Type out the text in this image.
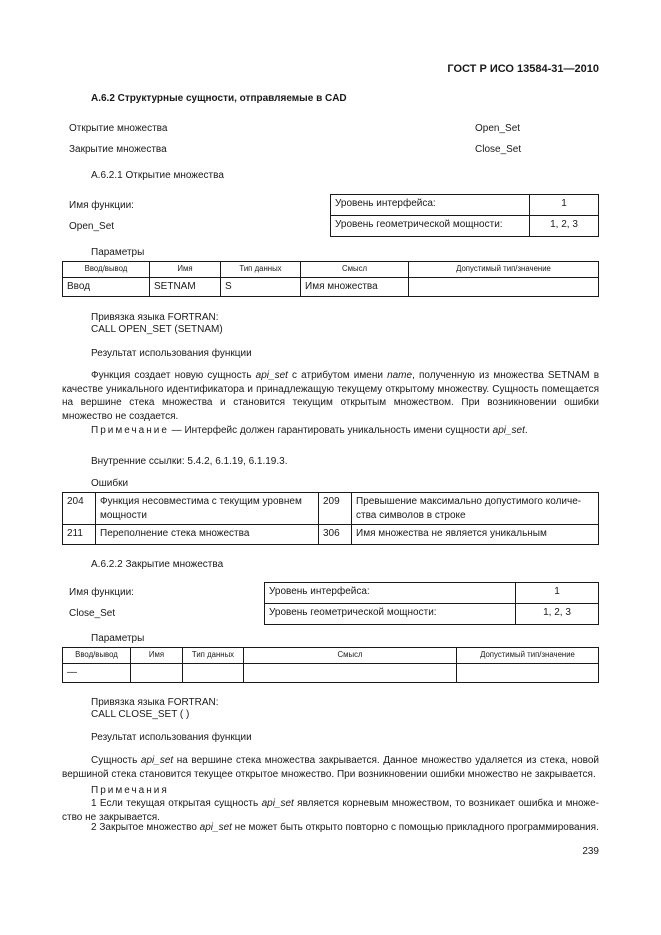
ГОСТ Р ИСО 13584-31—2010
A.6.2 Структурные сущности, отправляемые в CAD
Открытие множества	Open_Set
Закрытие множества	Close_Set
A.6.2.1 Открытие множества
Имя функции:
Open_Set
Уровень интерфейса:	1
Уровень геометрической мощности:	1, 2, 3
Параметры
Ввод/вывод	Имя	Тип данных	Смысл	Допустимый тип/значение
Ввод	SETNAM	S	Имя множества	
Привязка языка FORTRAN:
CALL OPEN_SET (SETNAM)
Результат использования функции
Функция создает новую сущность api_set с атрибутом имени name, полученную из множества SETNAM в качестве уникального идентификатора и принадлежащую текущему открытому множеству. Сущность помещается на вершине стека множества и становится текущим открытым множеством. При возникновении ошибки множество не создается.
Примечание — Интерфейс должен гарантировать уникальность имени сущности api_set.
Внутренние ссылки: 5.4.2, 6.1.19, 6.1.19.3.
Ошибки
204	Функция несовместима с текущим уровнем мощности	209	Превышение максимально допустимого количе-ства символов в строке
211	Переполнение стека множества	306	Имя множества не является уникальным
A.6.2.2 Закрытие множества
Имя функции:
Close_Set
Уровень интерфейса:	1
Уровень геометрической мощности:	1, 2, 3
Параметры
Ввод/вывод	Имя	Тип данных	Смысл	Допустимый тип/значение
—				
Привязка языка FORTRAN:
CALL CLOSE_SET ( )
Результат использования функции
Сущность api_set на вершине стека множества закрывается. Данное множество удаляется из стека, новой вершиной стека становится текущее открытое множество. При возникновении ошибки множество не закрывается.
Примечания
1 Если текущая открытая сущность api_set является корневым множеством, то возникает ошибка и множе-ство не закрывается.
2 Закрытое множество api_set не может быть открыто повторно с помощью прикладного программирования.
239
